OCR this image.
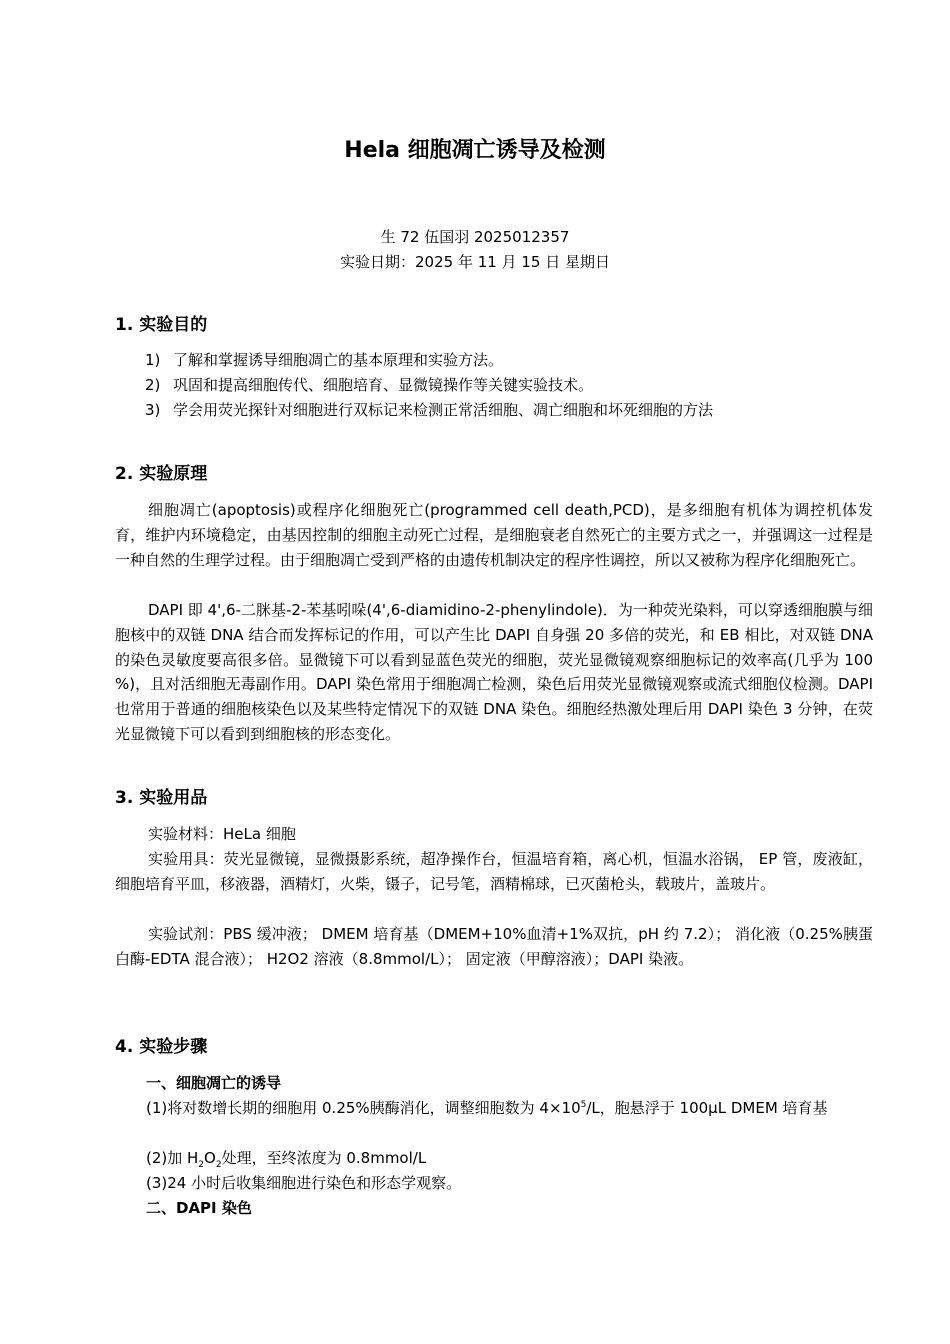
Hela 细胞凋亡诱导及检测
生 72 伍国羽 2025012357
实验日期：2025 年 11 月 15 日 星期日
1. 实验目的
1) 了解和掌握诱导细胞凋亡的基本原理和实验方法。
2) 巩固和提高细胞传代、细胞培育、显微镜操作等关键实验技术。
3) 学会用荧光探针对细胞进行双标记来检测正常活细胞、凋亡细胞和坏死细胞的方法
2. 实验原理

细胞凋亡(apoptosis)或程序化细胞死亡(programmed cell death,PCD)，是多细胞有机体为调控机体发育，维护内环境稳定，由基因控制的细胞主动死亡过程，是细胞衰老自然死亡的主要方式之一，并强调这一过程是一种自然的生理学过程。由于细胞凋亡受到严格的由遗传机制决定的程序性调控，所以又被称为程序化细胞死亡。

DAPI 即 4',6-二脒基-2-苯基吲哚(4',6-diamidino-2-phenylindole)．为一种荧光染料，可以穿透细胞膜与细胞核中的双链 DNA 结合而发挥标记的作用，可以产生比 DAPI 自身强 20 多倍的荧光，和 EB 相比，对双链 DNA 的染色灵敏度要高很多倍。显微镜下可以看到显蓝色荧光的细胞，荧光显微镜观察细胞标记的效率高(几乎为 100 %)，且对活细胞无毒副作用。DAPI 染色常用于细胞凋亡检测，染色后用荧光显微镜观察或流式细胞仪检测。DAPI 也常用于普通的细胞核染色以及某些特定情况下的双链 DNA 染色。细胞经热激处理后用 DAPI 染色 3 分钟，在荧光显微镜下可以看到到细胞核的形态变化。

3. 实验用品

实验材料：HeLa 细胞

实验用具：荧光显微镜，显微摄影系统，超净操作台，恒温培育箱，离心机，恒温水浴锅， EP 管，废液缸，细胞培育平皿，移液器，酒精灯，火柴，镊子，记号笔，酒精棉球，已灭菌枪头，载玻片，盖玻片。

实验试剂：PBS 缓冲液； DMEM 培育基（DMEM+10%血清+1%双抗，pH 约 7.2）； 消化液（0.25%胰蛋白酶-EDTA 混合液）； H2O2 溶液（8.8mmol/L）； 固定液（甲醇溶液）；DAPI 染液。

4. 实验步骤
一、细胞凋亡的诱导

(1)将对数增长期的细胞用 0.25%胰酶消化，调整细胞数为 $4\times 10^5/L$，胞悬浮于 100μL DMEM 培育基

(2)加 $H_2O_2$处理，至终浓度为 0.8mmol/L

(3)24 小时后收集细胞进行染色和形态学观察。

二、DAPI 染色
